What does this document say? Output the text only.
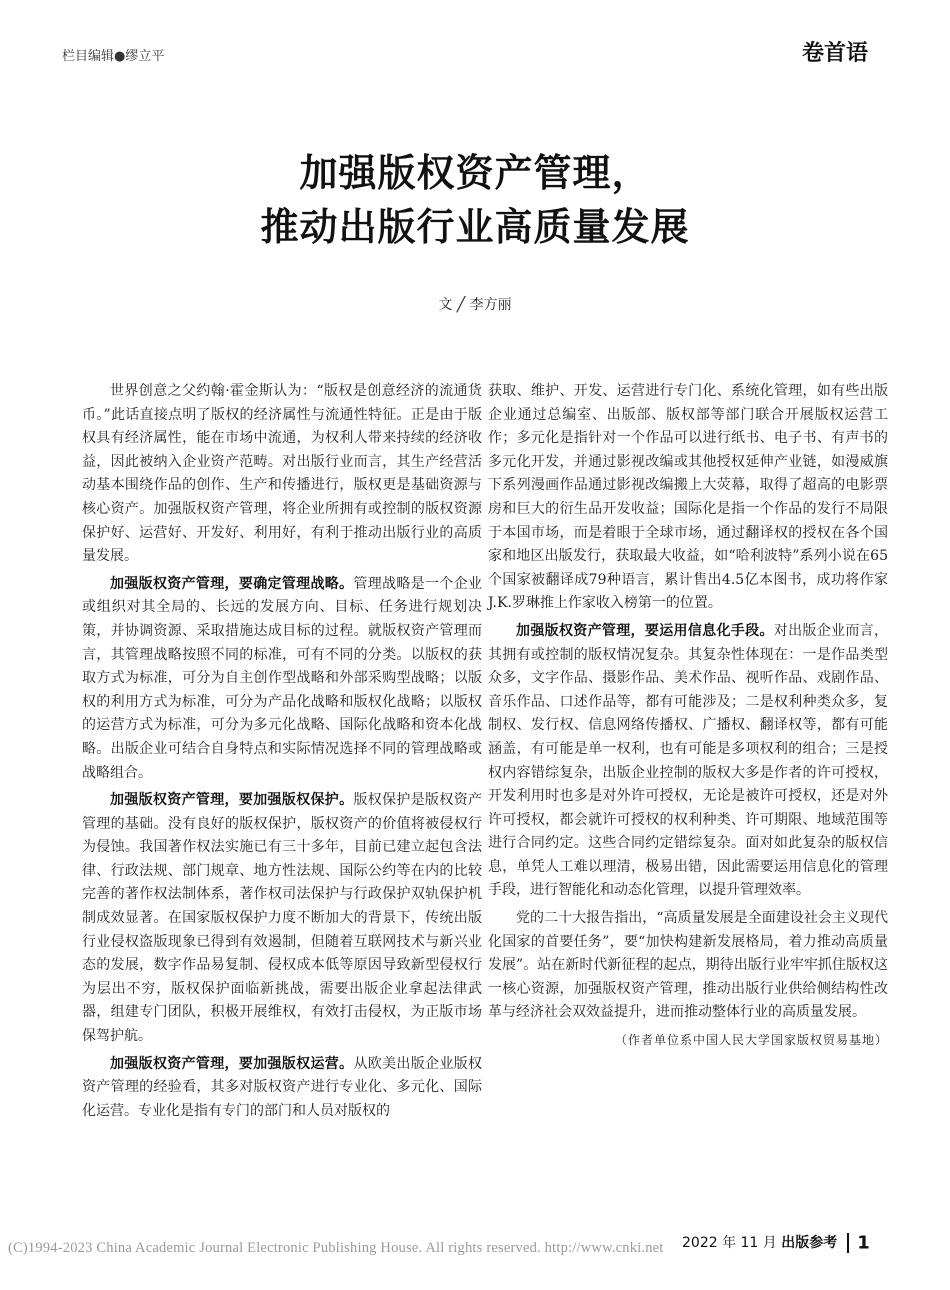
栏目编辑●缪立平	卷首语
加强版权资产管理，
推动出版行业高质量发展
文 ╱ 李方丽

世界创意之父约翰·霍金斯认为：“版权是创意经济的流通货币。”此话直接点明了版权的经济属性与流通性特征。正是由于版权具有经济属性，能在市场中流通，为权利人带来持续的经济收益，因此被纳入企业资产范畴。对出版行业而言，其生产经营活动基本围绕作品的创作、生产和传播进行，版权更是基础资源与核心资产。加强版权资产管理，将企业所拥有或控制的版权资源保护好、运营好、开发好、利用好，有利于推动出版行业的高质量发展。

加强版权资产管理，要确定管理战略。管理战略是一个企业或组织对其全局的、长远的发展方向、目标、任务进行规划决策，并协调资源、采取措施达成目标的过程。就版权资产管理而言，其管理战略按照不同的标准，可有不同的分类。以版权的获取方式为标准，可分为自主创作型战略和外部采购型战略；以版权的利用方式为标准，可分为产品化战略和版权化战略；以版权的运营方式为标准，可分为多元化战略、国际化战略和资本化战略。出版企业可结合自身特点和实际情况选择不同的管理战略或战略组合。

加强版权资产管理，要加强版权保护。版权保护是版权资产管理的基础。没有良好的版权保护，版权资产的价值将被侵权行为侵蚀。我国著作权法实施已有三十多年，目前已建立起包含法律、行政法规、部门规章、地方性法规、国际公约等在内的比较完善的著作权法制体系，著作权司法保护与行政保护双轨保护机制成效显著。在国家版权保护力度不断加大的背景下，传统出版行业侵权盗版现象已得到有效遏制，但随着互联网技术与新兴业态的发展，数字作品易复制、侵权成本低等原因导致新型侵权行为层出不穷，版权保护面临新挑战，需要出版企业拿起法律武器，组建专门团队，积极开展维权，有效打击侵权，为正版市场保驾护航。

加强版权资产管理，要加强版权运营。从欧美出版企业版权资产管理的经验看，其多对版权资产进行专业化、多元化、国际化运营。专业化是指有专门的部门和人员对版权的

获取、维护、开发、运营进行专门化、系统化管理，如有些出版企业通过总编室、出版部、版权部等部门联合开展版权运营工作；多元化是指针对一个作品可以进行纸书、电子书、有声书的多元化开发，并通过影视改编或其他授权延伸产业链，如漫威旗下系列漫画作品通过影视改编搬上大荧幕，取得了超高的电影票房和巨大的衍生品开发收益；国际化是指一个作品的发行不局限于本国市场，而是着眼于全球市场，通过翻译权的授权在各个国家和地区出版发行，获取最大收益，如“哈利波特”系列小说在65个国家被翻译成79种语言，累计售出4.5亿本图书，成功将作家J.K.罗琳推上作家收入榜第一的位置。

加强版权资产管理，要运用信息化手段。对出版企业而言，其拥有或控制的版权情况复杂。其复杂性体现在：一是作品类型众多，文字作品、摄影作品、美术作品、视听作品、戏剧作品、音乐作品、口述作品等，都有可能涉及；二是权利种类众多，复制权、发行权、信息网络传播权、广播权、翻译权等，都有可能涵盖，有可能是单一权利，也有可能是多项权利的组合；三是授权内容错综复杂，出版企业控制的版权大多是作者的许可授权，开发利用时也多是对外许可授权，无论是被许可授权，还是对外许可授权，都会就许可授权的权利种类、许可期限、地域范围等进行合同约定。这些合同约定错综复杂。面对如此复杂的版权信息，单凭人工难以理清，极易出错，因此需要运用信息化的管理手段，进行智能化和动态化管理，以提升管理效率。

党的二十大报告指出，“高质量发展是全面建设社会主义现代化国家的首要任务”，要“加快构建新发展格局，着力推动高质量发展”。站在新时代新征程的起点，期待出版行业牢牢抓住版权这一核心资源，加强版权资产管理，推动出版行业供给侧结构性改革与经济社会双效益提升，进而推动整体行业的高质量发展。

（作者单位系中国人民大学国家版权贸易基地）
(C)1994-2023 China Academic Journal Electronic Publishing House. All rights reserved. http://www.cnki.net	2022 年 11 月 出版参考 1
